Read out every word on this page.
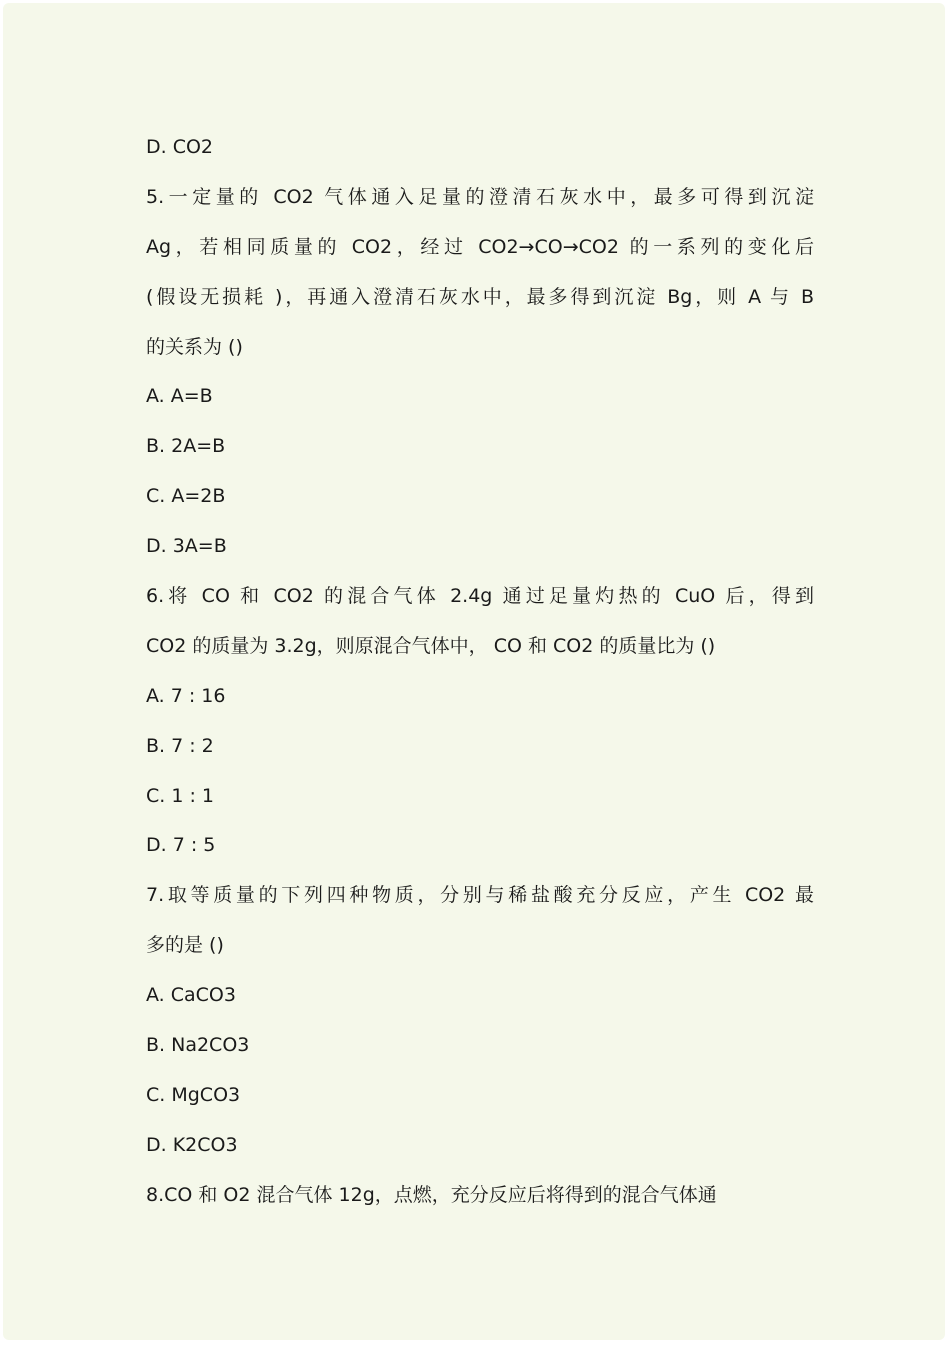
D. CO2
5.一定量的 CO2 气体通入足量的澄清石灰水中，最多可得到沉淀
Ag，若相同质量的 CO2，经过 CO2→CO→CO2 的一系列的变化后
(假设无损耗 )，再通入澄清石灰水中，最多得到沉淀 Bg，则 A 与 B
的关系为 ()
A. A=B
B. 2A=B
C. A=2B
D. 3A=B
6.将 CO 和 CO2 的混合气体 2.4g 通过足量灼热的 CuO 后，得到
CO2 的质量为 3.2g，则原混合气体中， CO 和 CO2 的质量比为 ()
A. 7 : 16
B. 7 : 2
C. 1 : 1
D. 7 : 5
7.取等质量的下列四种物质，分别与稀盐酸充分反应，产生 CO2 最
多的是 ()
A. CaCO3
B. Na2CO3
C. MgCO3
D. K2CO3
8.CO 和 O2 混合气体 12g，点燃，充分反应后将得到的混合气体通
